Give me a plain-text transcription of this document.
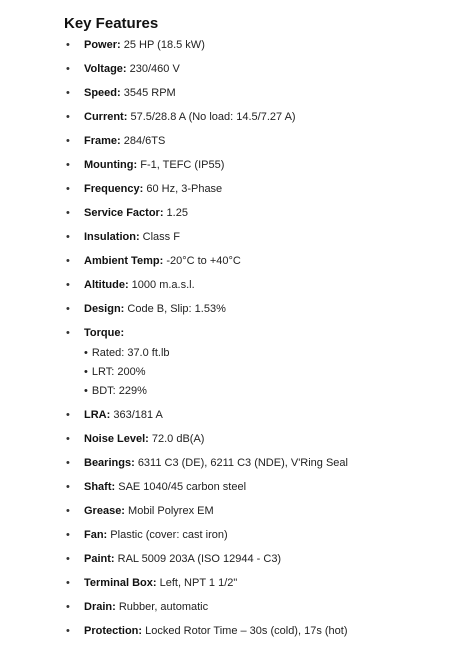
Key Features
• Power: 25 HP (18.5 kW)
• Voltage: 230/460 V
• Speed: 3545 RPM
• Current: 57.5/28.8 A (No load: 14.5/7.27 A)
• Frame: 284/6TS
• Mounting: F-1, TEFC (IP55)
• Frequency: 60 Hz, 3-Phase
• Service Factor: 1.25
• Insulation: Class F
• Ambient Temp: -20°C to +40°C
• Altitude: 1000 m.a.s.l.
• Design: Code B, Slip: 1.53%
• Torque:
• Rated: 37.0 ft.lb
• LRT: 200%
• BDT: 229%
• LRA: 363/181 A
• Noise Level: 72.0 dB(A)
• Bearings: 6311 C3 (DE), 6211 C3 (NDE), V'Ring Seal
• Shaft: SAE 1040/45 carbon steel
• Grease: Mobil Polyrex EM
• Fan: Plastic (cover: cast iron)
• Paint: RAL 5009 203A (ISO 12944 - C3)
• Terminal Box: Left, NPT 1 1/2"
• Drain: Rubber, automatic
• Protection: Locked Rotor Time – 30s (cold), 17s (hot)
